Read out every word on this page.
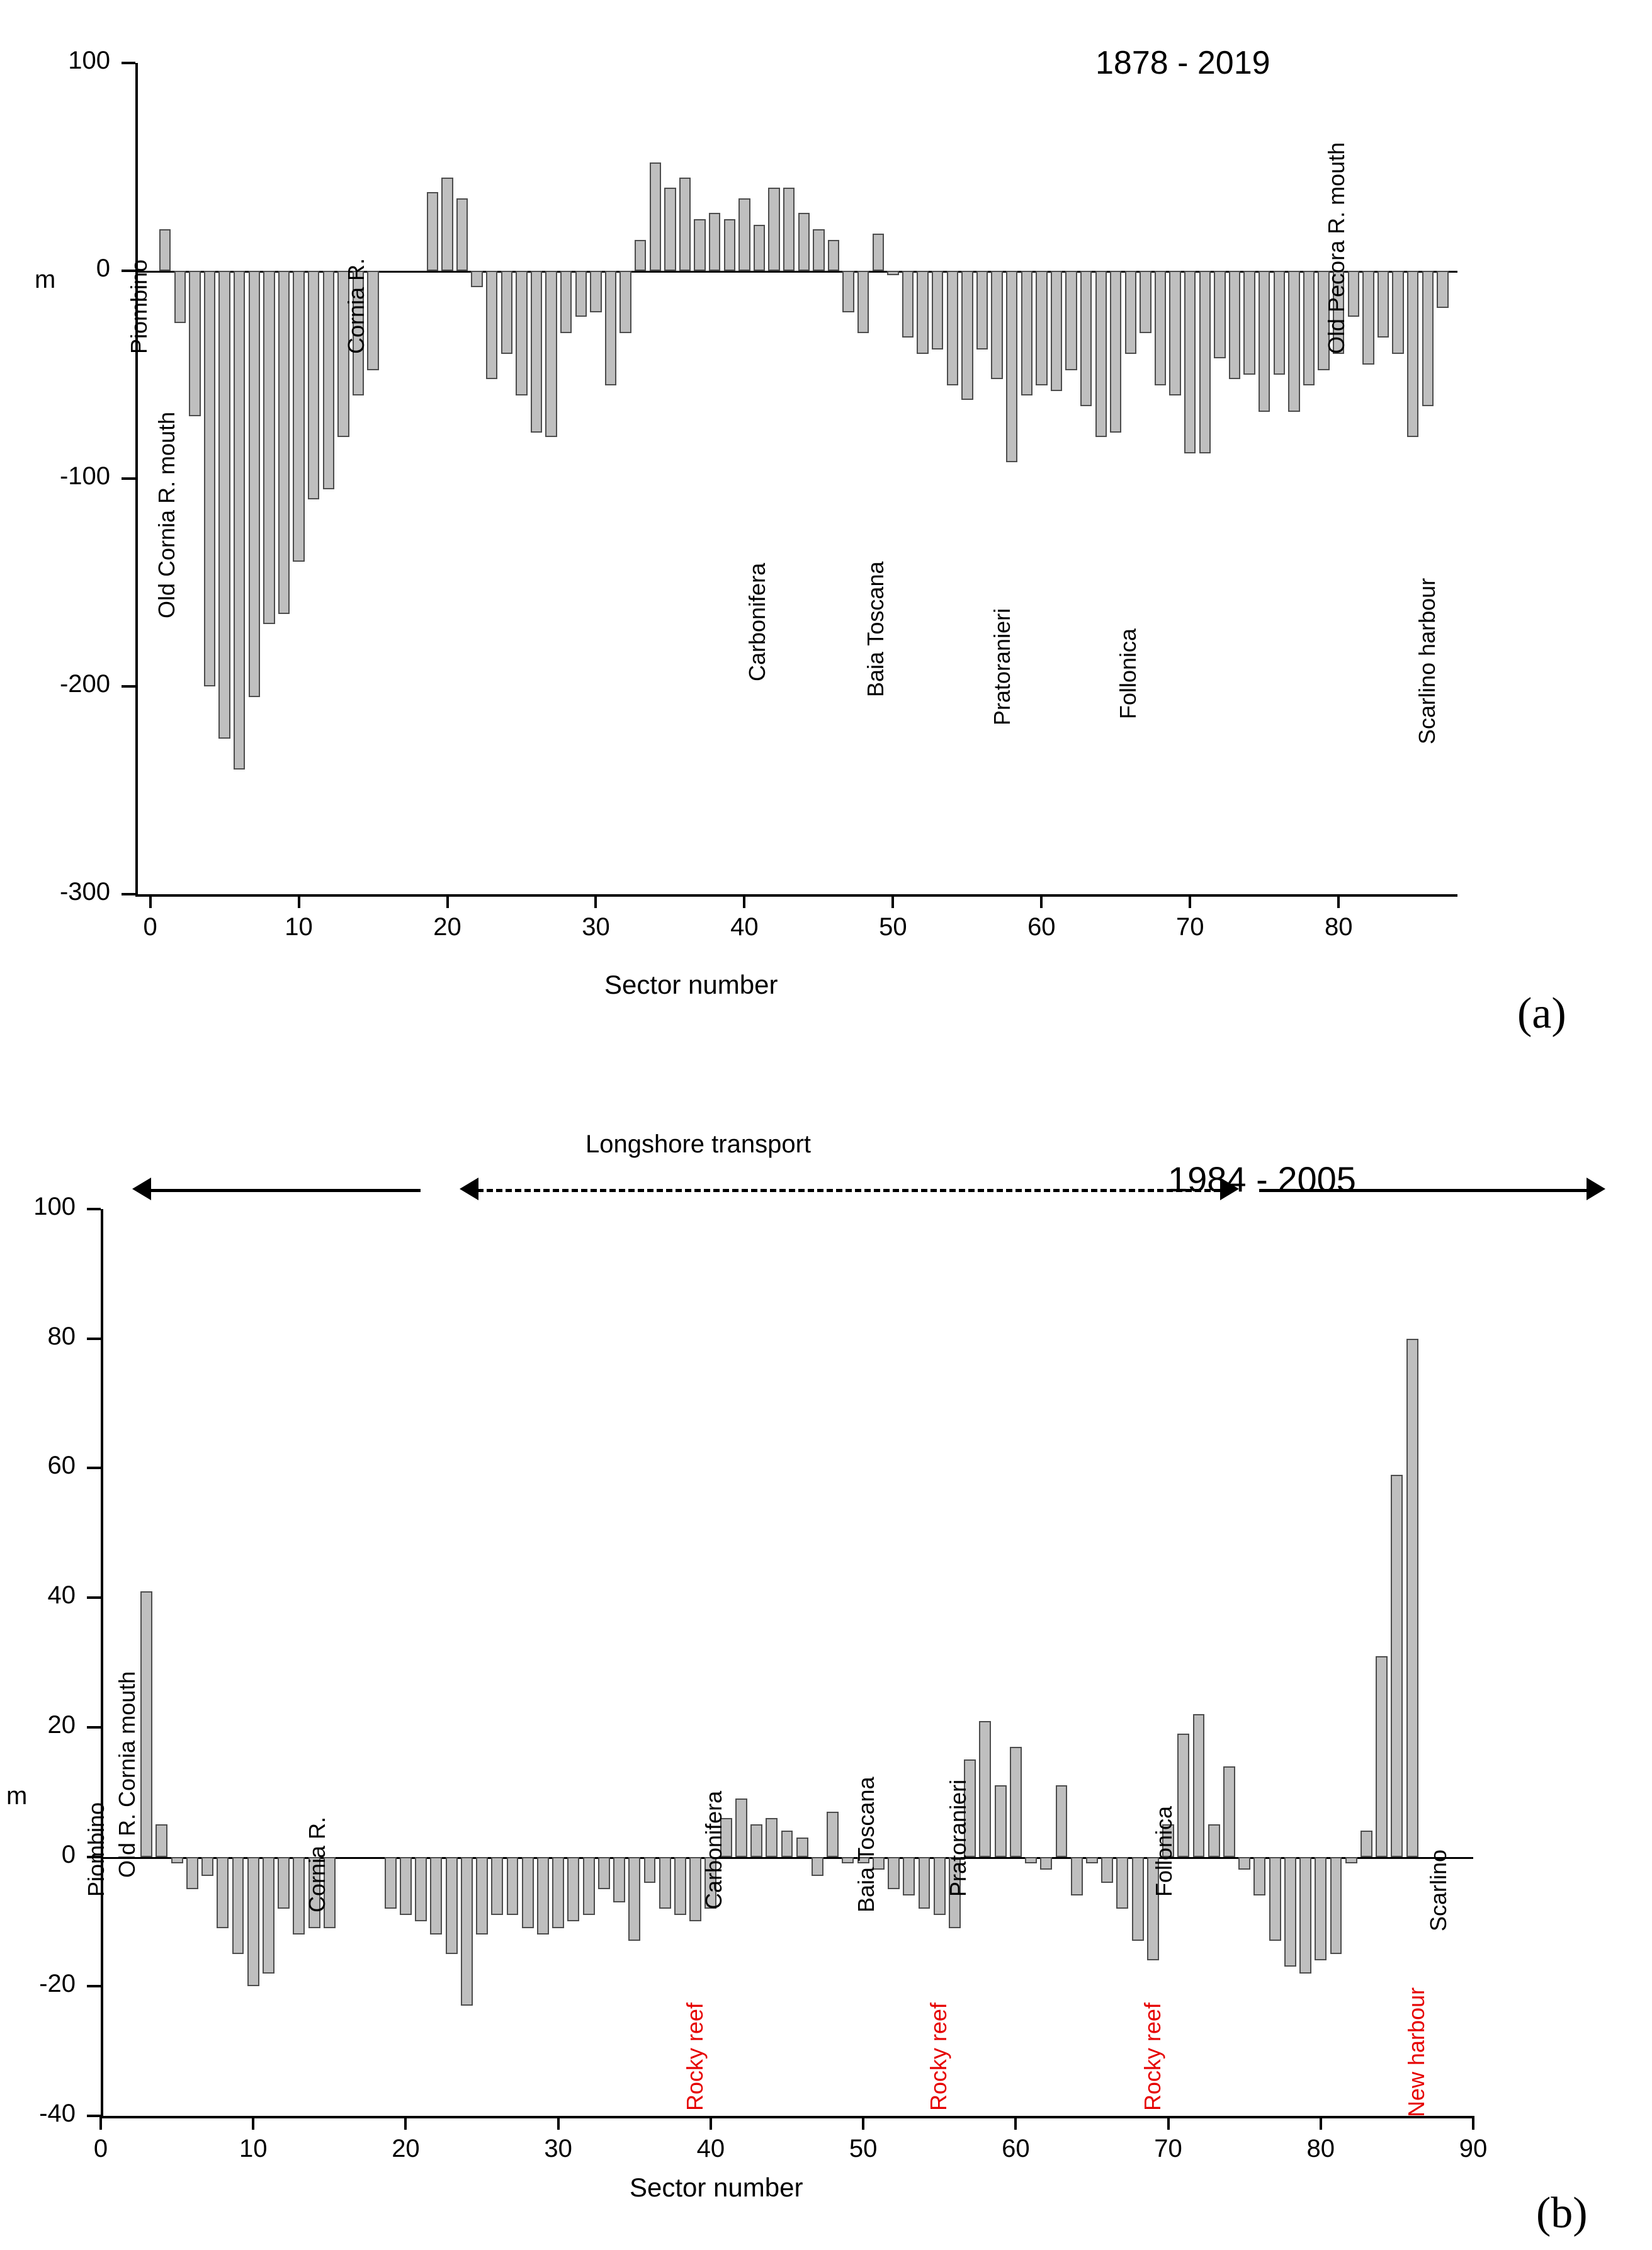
1878 - 2019
(a)
m
Sector number
100
0
-100
-200
-300
0	10	20	30	40	50	60	70	80
Piombino
Old Cornia R. mouth
Cornia R.
Carbonifera	Baia Toscana	Pratoranieri	Follonica
Old Pecora R. mouth
Scarlino harbour
1984 - 2005
(b)
m
Sector number
Longshore transport
100
80
60
40
20
0
-20
-40
0	10	20	30	40	50	60	70	80	90
Piombino Old R. Cornia mouth	Cornia R.	Carbonifera	Baia Toscana	Pratoranieri	Follonica	Scarlino
Rocky reef	Rocky reef	Rocky reef	New harbour
